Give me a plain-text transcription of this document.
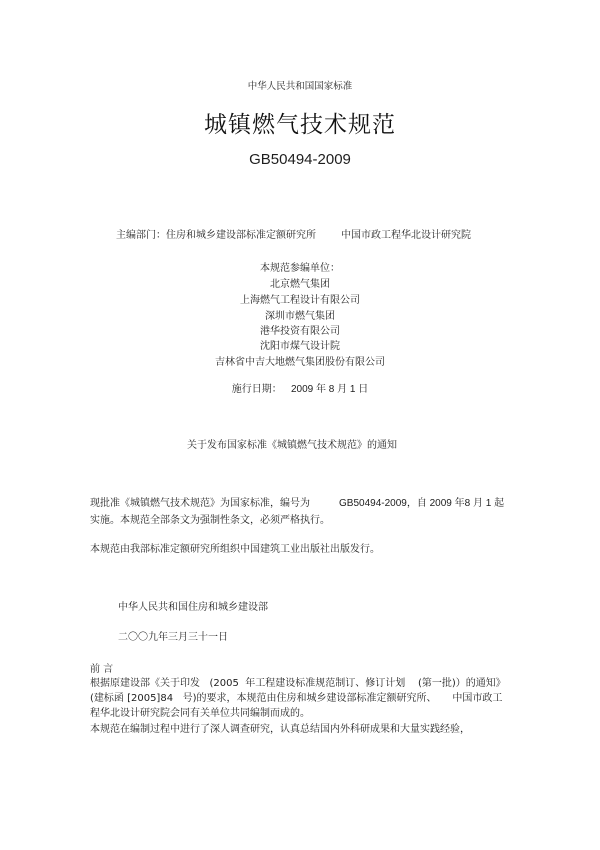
中华人民共和国国家标准
城镇燃气技术规范
GB50494-2009
主编部门：住房和城乡建设部标准定额研究所	中国市政工程华北设计研究院
本规范参编单位：
北京燃气集团
上海燃气工程设计有限公司
深圳市燃气集团
港华投资有限公司
沈阳市煤气设计院
吉林省中吉大地燃气集团股份有限公司
施行日期： 2009 年 8 月 1 日
关于发布国家标准《城镇燃气技术规范》的通知
现批准《城镇燃气技术规范》为国家标准，编号为	GB50494-2009，自 2009 年8 月 1 起
实施。本规范全部条文为强制性条文，必须严格执行。
本规范由我部标准定额研究所组织中国建筑工业出版社出版发行。
中华人民共和国住房和城乡建设部
二〇〇九年三月三十一日
前 言
根据原建设部《关于印发   (2005  年工程建设标准规范制订、修订计划    (第一批)）的通知》
(建标函 [2005]84   号)的要求，本规范由住房和城乡建设部标准定额研究所、     中国市政工
程华北设计研究院会同有关单位共同编制而成的。
本规范在编制过程中进行了深人调查研究，认真总结国内外科研成果和大量实践经验，
